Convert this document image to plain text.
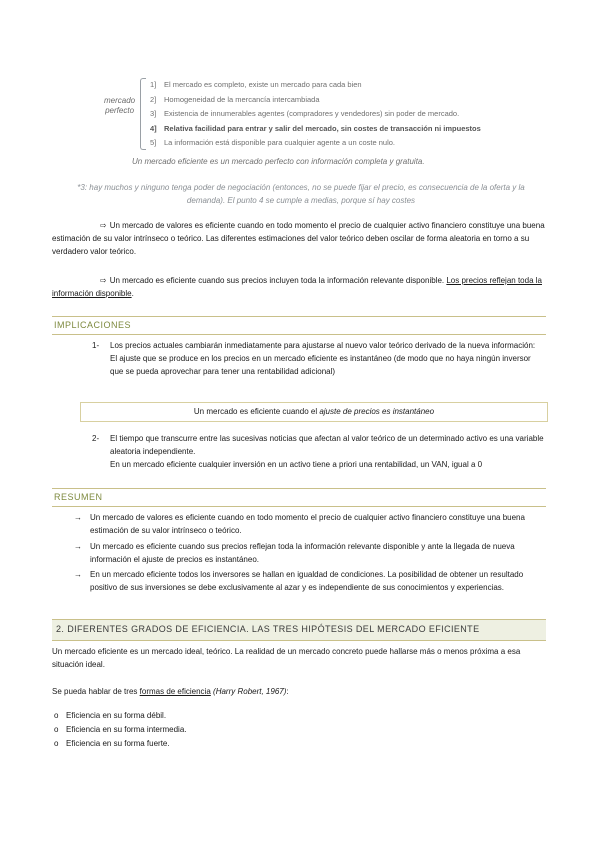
mercado
perfecto
1] El mercado es completo, existe un mercado para cada bien
2] Homogeneidad de la mercancía intercambiada
3] Existencia de innumerables agentes (compradores y vendedores) sin poder de mercado.
4] Relativa facilidad para entrar y salir del mercado, sin costes de transacción ni impuestos
5] La información está disponible para cualquier agente a un coste nulo.
Un mercado eficiente es un mercado perfecto con información completa y gratuita.
*3: hay muchos y ninguno tenga poder de negociación (entonces, no se puede fijar el precio, es consecuencia de la oferta y la demanda). El punto 4 se cumple a medias, porque sí hay costes
⇨ Un mercado de valores es eficiente cuando en todo momento el precio de cualquier activo financiero constituye una buena estimación de su valor intrínseco o teórico. Las diferentes estimaciones del valor teórico deben oscilar de forma aleatoria en torno a su verdadero valor teórico.
⇨ Un mercado es eficiente cuando sus precios incluyen toda la información relevante disponible. Los precios reflejan toda la información disponible.
IMPLICACIONES
1- Los precios actuales cambiarán inmediatamente para ajustarse al nuevo valor teórico derivado de la nueva información:
El ajuste que se produce en los precios en un mercado eficiente es instantáneo (de modo que no haya ningún inversor que se pueda aprovechar para tener una rentabilidad adicional)
Un mercado es eficiente cuando el ajuste de precios es instantáneo
2- El tiempo que transcurre entre las sucesivas noticias que afectan al valor teórico de un determinado activo es una variable aleatoria independiente.
En un mercado eficiente cualquier inversión en un activo tiene a priori una rentabilidad, un VAN, igual a 0
RESUMEN
→ Un mercado de valores es eficiente cuando en todo momento el precio de cualquier activo financiero constituye una buena estimación de su valor intrínseco o teórico.
→ Un mercado es eficiente cuando sus precios reflejan toda la información relevante disponible y ante la llegada de nueva información el ajuste de precios es instantáneo.
→ En un mercado eficiente todos los inversores se hallan en igualdad de condiciones. La posibilidad de obtener un resultado positivo de sus inversiones se debe exclusivamente al azar y es independiente de sus conocimientos y experiencias.
2. DIFERENTES GRADOS DE EFICIENCIA. LAS TRES HIPÓTESIS DEL MERCADO EFICIENTE
Un mercado eficiente es un mercado ideal, teórico. La realidad de un mercado concreto puede hallarse más o menos próxima a esa situación ideal.
Se pueda hablar de tres formas de eficiencia (Harry Robert, 1967):
o Eficiencia en su forma débil.
o Eficiencia en su forma intermedia.
o Eficiencia en su forma fuerte.
